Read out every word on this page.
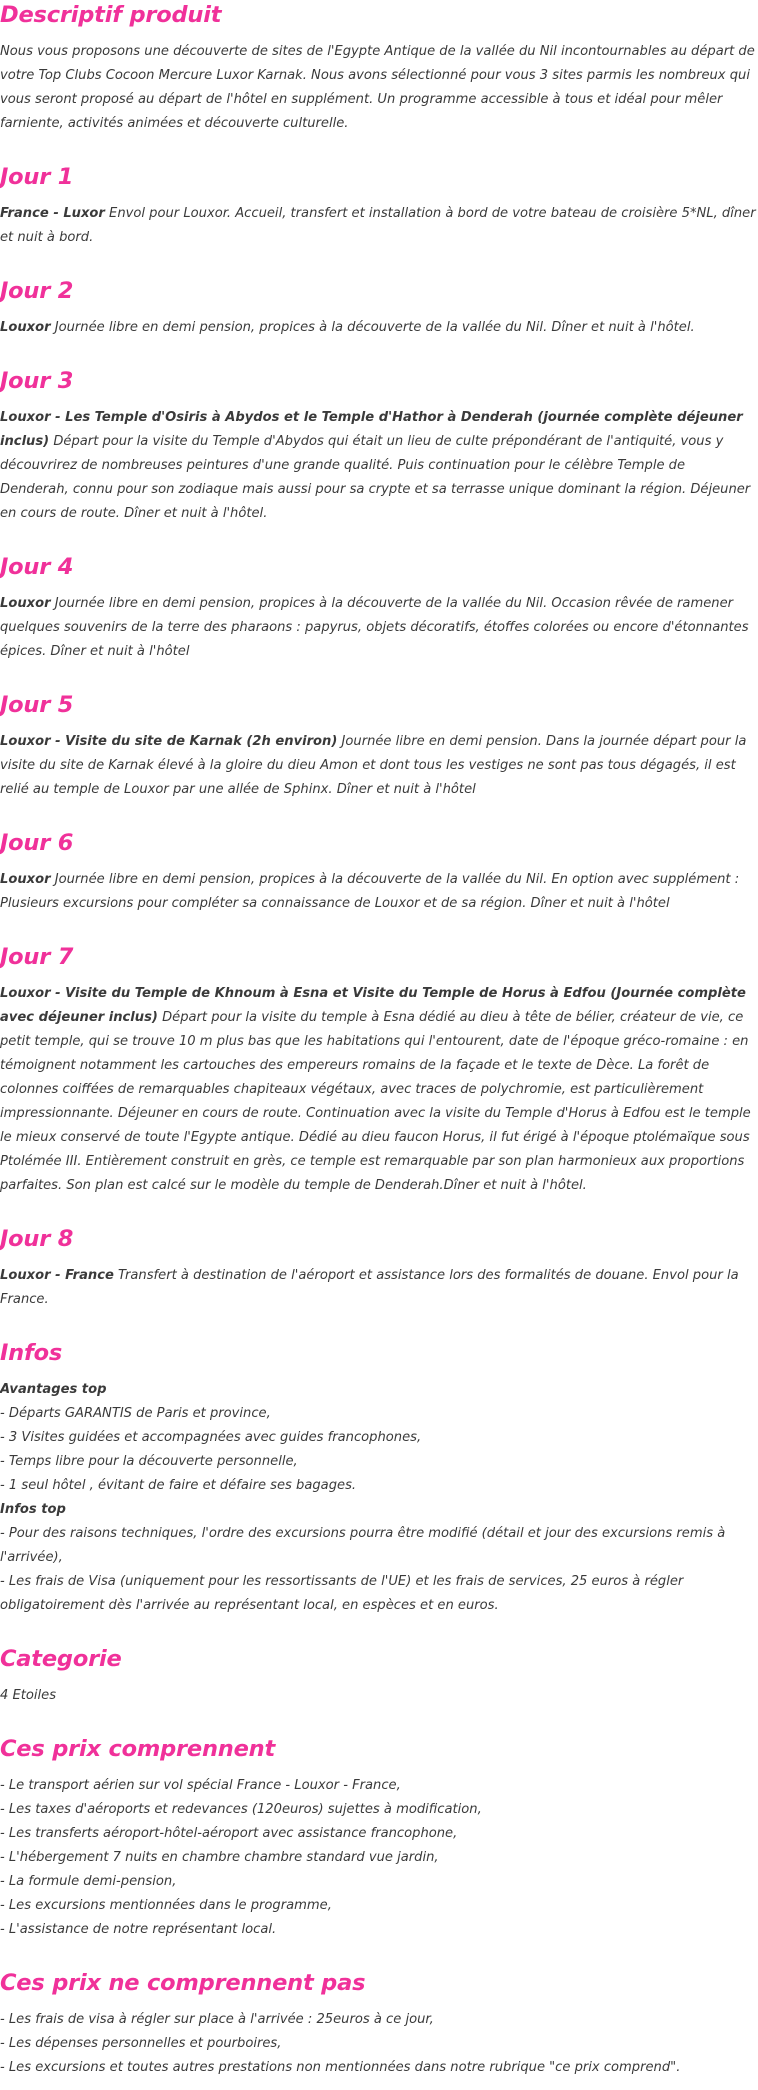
Descriptif produit

Nous vous proposons une découverte de sites de l'Egypte Antique de la vallée du Nil incontournables au départ de votre Top Clubs Cocoon Mercure Luxor Karnak. Nous avons sélectionné pour vous 3 sites parmis les nombreux qui vous seront proposé au départ de l'hôtel en supplément. Un programme accessible à tous et idéal pour mêler farniente, activités animées et découverte culturelle.

Jour 1

France - Luxor Envol pour Louxor. Accueil, transfert et installation à bord de votre bateau de croisière 5*NL, dîner et nuit à bord.

Jour 2

Louxor Journée libre en demi pension, propices à la découverte de la vallée du Nil. Dîner et nuit à l'hôtel.

Jour 3

Louxor - Les Temple d'Osiris à Abydos et le Temple d'Hathor à Denderah (journée complète déjeuner inclus) Départ pour la visite du Temple d'Abydos qui était un lieu de culte prépondérant de l'antiquité, vous y découvrirez de nombreuses peintures d'une grande qualité. Puis continuation pour le célèbre Temple de Denderah, connu pour son zodiaque mais aussi pour sa crypte et sa terrasse unique dominant la région. Déjeuner en cours de route. Dîner et nuit à l'hôtel.

Jour 4

Louxor Journée libre en demi pension, propices à la découverte de la vallée du Nil. Occasion rêvée de ramener quelques souvenirs de la terre des pharaons : papyrus, objets décoratifs, étoffes colorées ou encore d'étonnantes épices. Dîner et nuit à l'hôtel

Jour 5

Louxor - Visite du site de Karnak (2h environ) Journée libre en demi pension. Dans la journée départ pour la visite du site de Karnak élevé à la gloire du dieu Amon et dont tous les vestiges ne sont pas tous dégagés, il est relié au temple de Louxor par une allée de Sphinx. Dîner et nuit à l'hôtel

Jour 6

Louxor Journée libre en demi pension, propices à la découverte de la vallée du Nil. En option avec supplément : Plusieurs excursions pour compléter sa connaissance de Louxor et de sa région. Dîner et nuit à l'hôtel

Jour 7

Louxor - Visite du Temple de Khnoum à Esna et Visite du Temple de Horus à Edfou (Journée complète avec déjeuner inclus) Départ pour la visite du temple à Esna dédié au dieu à tête de bélier, créateur de vie, ce petit temple, qui se trouve 10 m plus bas que les habitations qui l'entourent, date de l'époque gréco-romaine : en témoignent notamment les cartouches des empereurs romains de la façade et le texte de Dèce. La forêt de colonnes coiffées de remarquables chapiteaux végétaux, avec traces de polychromie, est particulièrement impressionnante. Déjeuner en cours de route. Continuation avec la visite du Temple d'Horus à Edfou est le temple le mieux conservé de toute l'Egypte antique. Dédié au dieu faucon Horus, il fut érigé à l'époque ptolémaïque sous Ptolémée III. Entièrement construit en grès, ce temple est remarquable par son plan harmonieux aux proportions parfaites. Son plan est calcé sur le modèle du temple de Denderah.Dîner et nuit à l'hôtel.

Jour 8

Louxor - France Transfert à destination de l'aéroport et assistance lors des formalités de douane. Envol pour la France.

Infos
Avantages top
- Départs GARANTIS de Paris et province,
- 3 Visites guidées et accompagnées avec guides francophones,
- Temps libre pour la découverte personnelle,
- 1 seul hôtel , évitant de faire et défaire ses bagages.
Infos top
- Pour des raisons techniques, l'ordre des excursions pourra être modifié (détail et jour des excursions remis à l'arrivée),
- Les frais de Visa (uniquement pour les ressortissants de l'UE) et les frais de services, 25 euros à régler obligatoirement dès l'arrivée au représentant local, en espèces et en euros.
Categorie

4 Etoiles

Ces prix comprennent
- Le transport aérien sur vol spécial France - Louxor - France,
- Les taxes d'aéroports et redevances (120euros) sujettes à modification,
- Les transferts aéroport-hôtel-aéroport avec assistance francophone,
- L'hébergement 7 nuits en chambre chambre standard vue jardin,
- La formule demi-pension,
- Les excursions mentionnées dans le programme,
- L'assistance de notre représentant local.
Ces prix ne comprennent pas
- Les frais de visa à régler sur place à l'arrivée : 25euros à ce jour,
- Les dépenses personnelles et pourboires,
- Les excursions et toutes autres prestations non mentionnées dans notre rubrique "ce prix comprend".
